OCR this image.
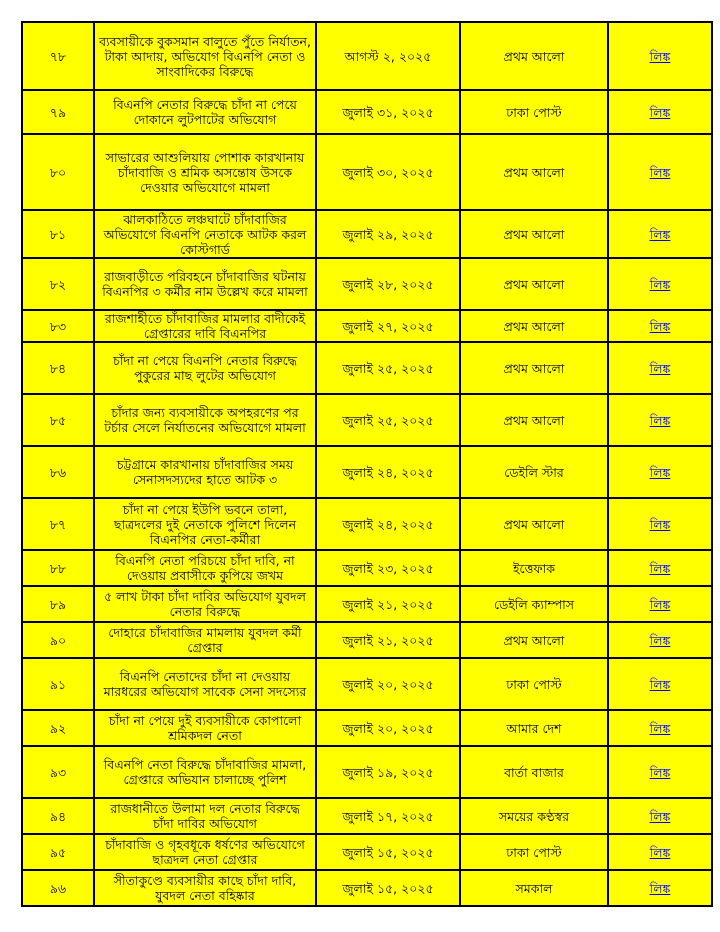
৭৮	ব্যবসায়ীকে বুকসমান বালুতে পুঁতে নির্যাতন, টাকা আদায়, অভিযোগ বিএনপি নেতা ও সাংবাদিকের বিরুদ্ধে	আগস্ট ২, ২০২৫	প্রথম আলো	লিঙ্ক
৭৯	বিএনপি নেতার বিরুদ্ধে চাঁদা না পেয়ে দোকানে লুটপাটের অভিযোগ	জুলাই ৩১, ২০২৫	ঢাকা পোস্ট	লিঙ্ক
৮০	সাভারের আশুলিয়ায় পোশাক কারখানায় চাঁদাবাজি ও শ্রমিক অসন্তোষ উসকে দেওয়ার অভিযোগে মামলা	জুলাই ৩০, ২০২৫	প্রথম আলো	লিঙ্ক
৮১	ঝালকাঠিতে লঞ্চঘাটে চাঁদাবাজির অভিযোগে বিএনপি নেতাকে আটক করল কোস্টগার্ড	জুলাই ২৯, ২০২৫	প্রথম আলো	লিঙ্ক
৮২	রাজবাড়ীতে পরিবহনে চাঁদাবাজির ঘটনায় বিএনপির ৩ কর্মীর নাম উল্লেখ করে মামলা	জুলাই ২৮, ২০২৫	প্রথম আলো	লিঙ্ক
৮৩	রাজশাহীতে চাঁদাবাজির মামলার বাদীকেই গ্রেপ্তারের দাবি বিএনপির	জুলাই ২৭, ২০২৫	প্রথম আলো	লিঙ্ক
৮৪	চাঁদা না পেয়ে বিএনপি নেতার বিরুদ্ধে পুকুরের মাছ লুটের অভিযোগ	জুলাই ২৫, ২০২৫	প্রথম আলো	লিঙ্ক
৮৫	চাঁদার জন্য ব্যবসায়ীকে অপহরণের পর টর্চার সেলে নির্যাতনের অভিযোগে মামলা	জুলাই ২৫, ২০২৫	প্রথম আলো	লিঙ্ক
৮৬	চট্টগ্রামে কারখানায় চাঁদাবাজির সময় সেনাসদস্যদের হাতে আটক ৩	জুলাই ২৪, ২০২৫	ডেইলি স্টার	লিঙ্ক
৮৭	চাঁদা না পেয়ে ইউপি ভবনে তালা, ছাত্রদলের দুই নেতাকে পুলিশে দিলেন বিএনপির নেতা-কর্মীরা	জুলাই ২৪, ২০২৫	প্রথম আলো	লিঙ্ক
৮৮	বিএনপি নেতা পরিচয়ে চাঁদা দাবি, না দেওয়ায় প্রবাসীকে কুপিয়ে জখম	জুলাই ২৩, ২০২৫	ইত্তেফাক	লিঙ্ক
৮৯	৫ লাখ টাকা চাঁদা দাবির অভিযোগ যুবদল নেতার বিরুদ্ধে	জুলাই ২১, ২০২৫	ডেইলি ক্যাম্পাস	লিঙ্ক
৯০	দোহারে চাঁদাবাজির মামলায় যুবদল কর্মী গ্রেপ্তার	জুলাই ২১, ২০২৫	প্রথম আলো	লিঙ্ক
৯১	বিএনপি নেতাদের চাঁদা না দেওয়ায় মারধরের অভিযোগ সাবেক সেনা সদস্যের	জুলাই ২০, ২০২৫	ঢাকা পোস্ট	লিঙ্ক
৯২	চাঁদা না পেয়ে দুই ব্যবসায়ীকে কোপালো শ্রমিকদল নেতা	জুলাই ২০, ২০২৫	আমার দেশ	লিঙ্ক
৯৩	বিএনপি নেতা বিরুদ্ধে চাঁদাবাজির মামলা, গ্রেপ্তারে অভিযান চালাচ্ছে পুলিশ	জুলাই ১৯, ২০২৫	বার্তা বাজার	লিঙ্ক
৯৪	রাজধানীতে উলামা দল নেতার বিরুদ্ধে চাঁদা দাবির অভিযোগ	জুলাই ১৭, ২০২৫	সময়ের কণ্ঠস্বর	লিঙ্ক
৯৫	চাঁদাবাজি ও গৃহবধূকে ধর্ষণের অভিযোগে ছাত্রদল নেতা গ্রেপ্তার	জুলাই ১৫, ২০২৫	ঢাকা পোস্ট	লিঙ্ক
৯৬	সীতাকুণ্ডে ব্যবসায়ীর কাছে চাঁদা দাবি, যুবদল নেতা বহিষ্কার	জুলাই ১৫, ২০২৫	সমকাল	লিঙ্ক
